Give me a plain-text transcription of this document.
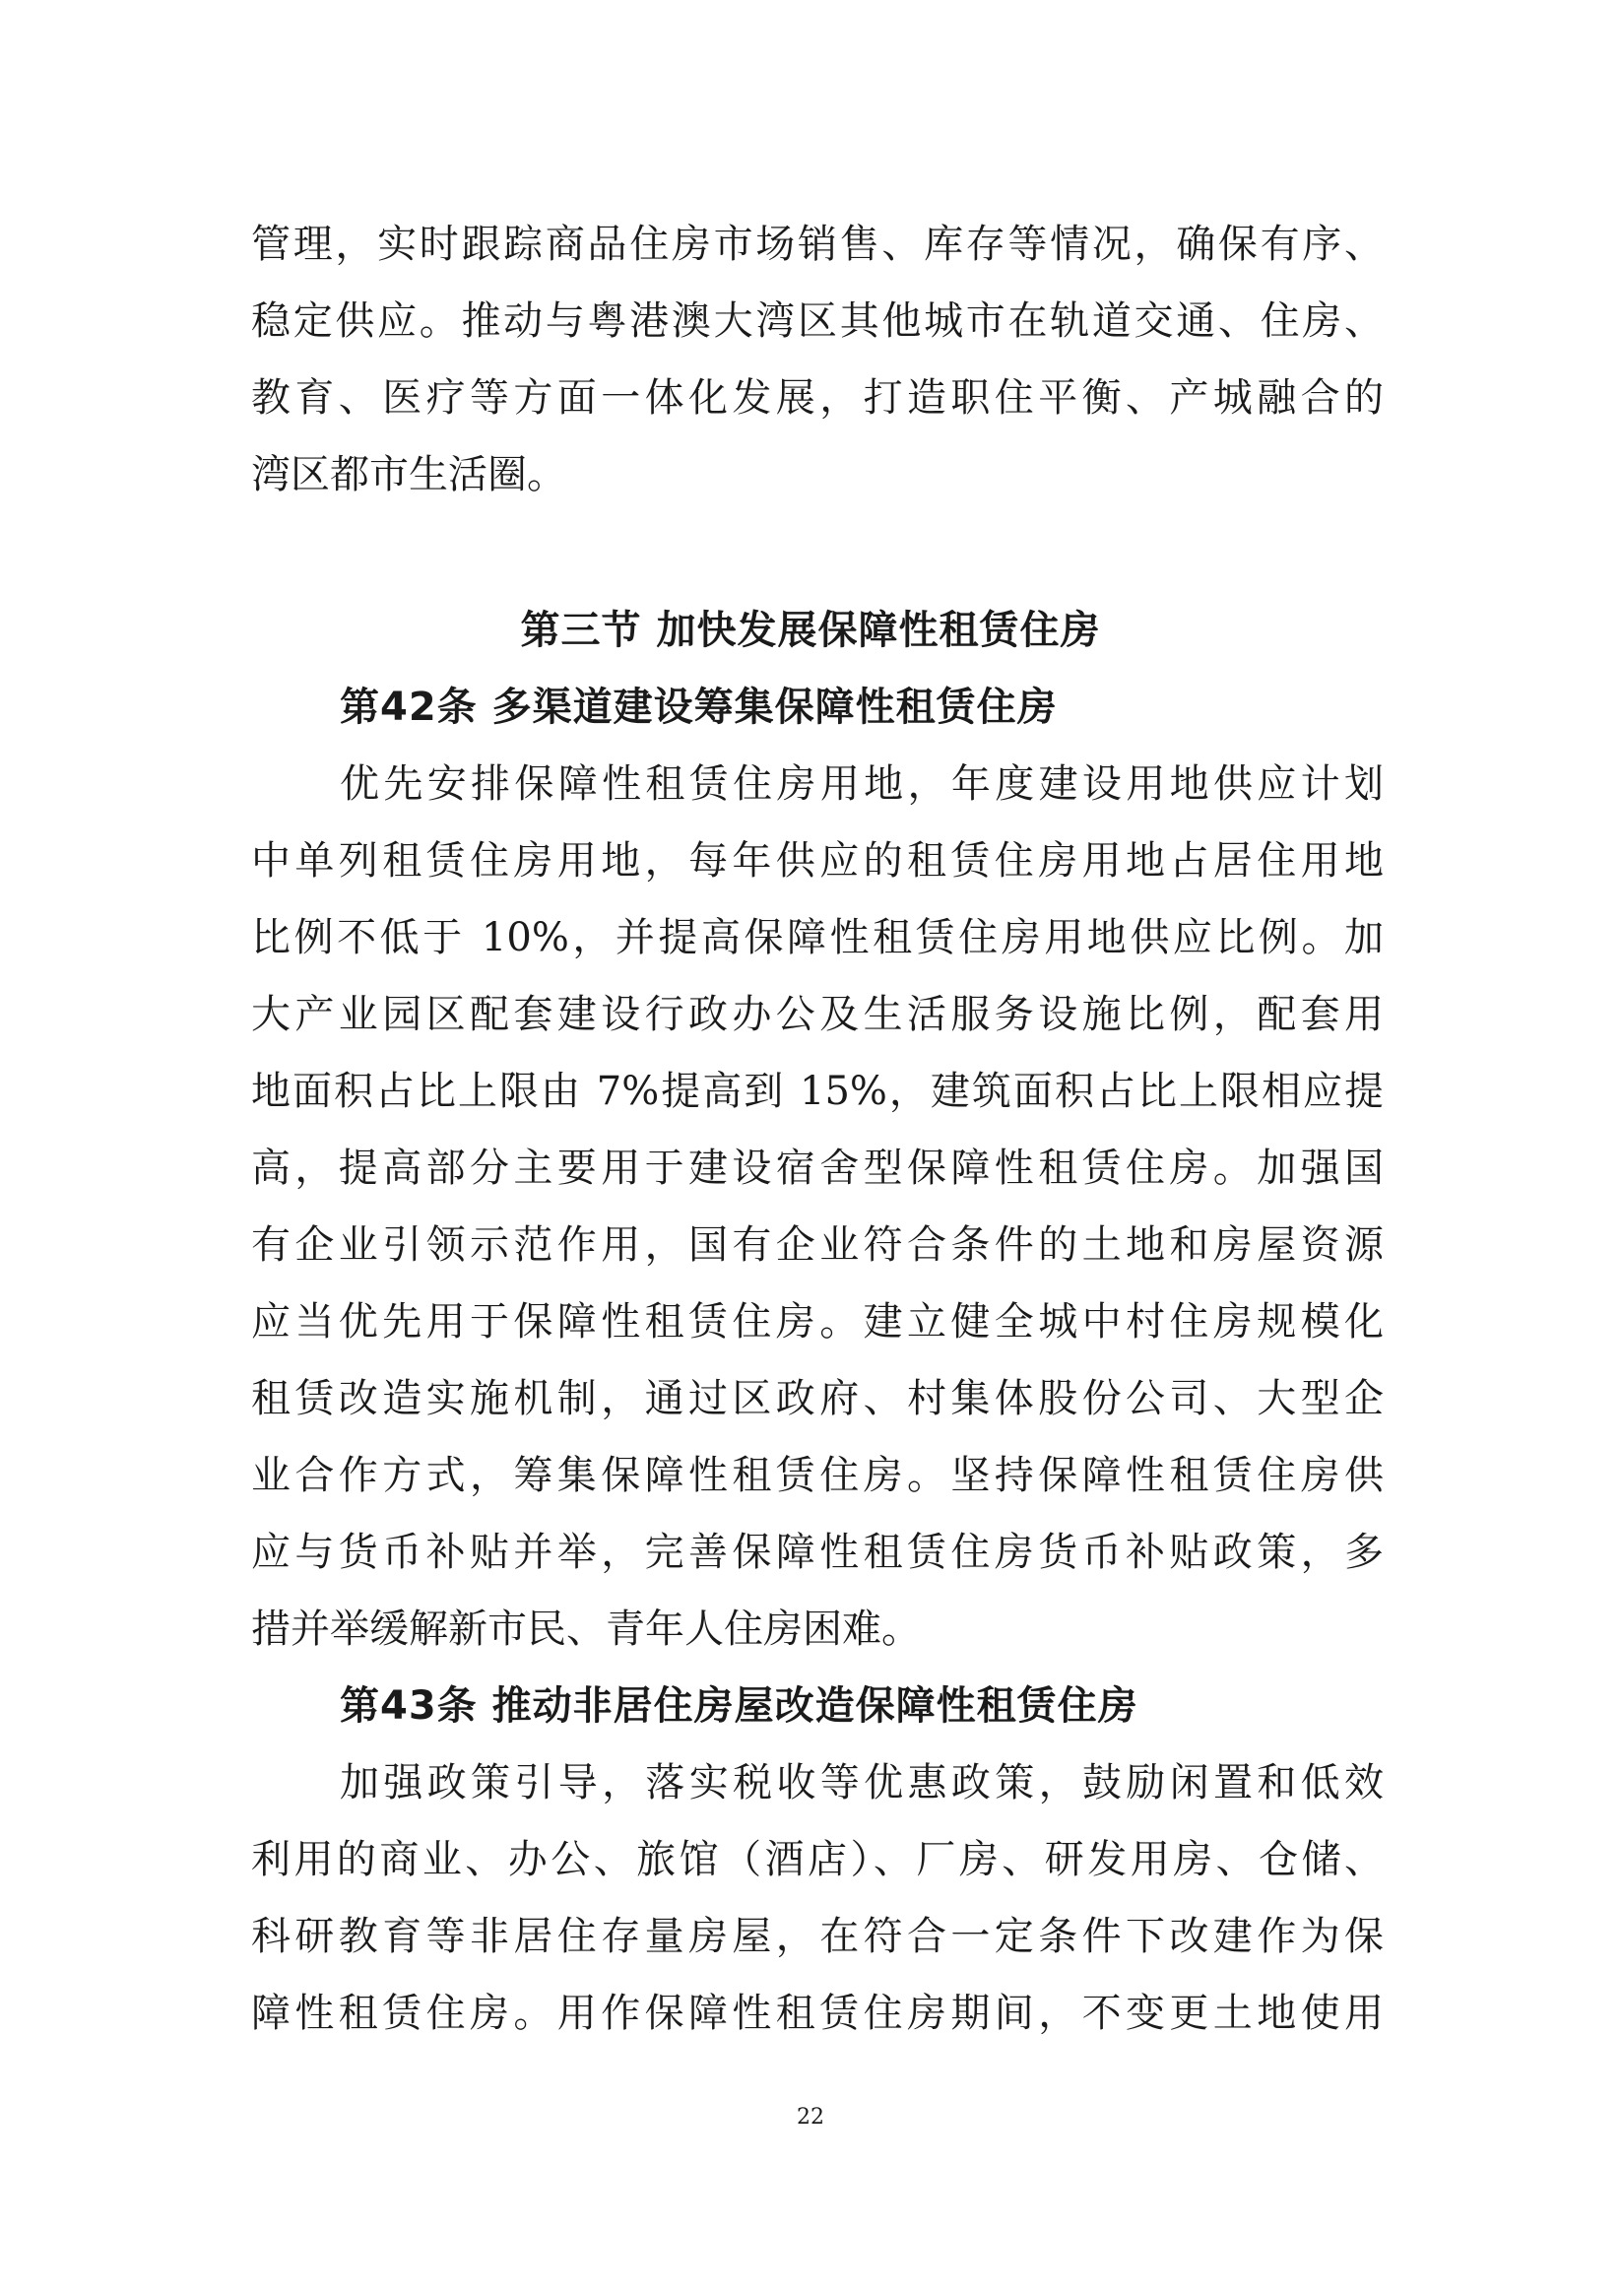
管理，实时跟踪商品住房市场销售、库存等情况，确保有序、
稳定供应。推动与粤港澳大湾区其他城市在轨道交通、住房、
教育、医疗等方面一体化发展，打造职住平衡、产城融合的
湾区都市生活圈。
第三节 加快发展保障性租赁住房
第42条 多渠道建设筹集保障性租赁住房
优先安排保障性租赁住房用地，年度建设用地供应计划
中单列租赁住房用地，每年供应的租赁住房用地占居住用地
比例不低于 10%，并提高保障性租赁住房用地供应比例。加
大产业园区配套建设行政办公及生活服务设施比例，配套用
地面积占比上限由 7%提高到 15%，建筑面积占比上限相应提
高，提高部分主要用于建设宿舍型保障性租赁住房。加强国
有企业引领示范作用，国有企业符合条件的土地和房屋资源
应当优先用于保障性租赁住房。建立健全城中村住房规模化
租赁改造实施机制，通过区政府、村集体股份公司、大型企
业合作方式，筹集保障性租赁住房。坚持保障性租赁住房供
应与货币补贴并举，完善保障性租赁住房货币补贴政策，多
措并举缓解新市民、青年人住房困难。
第43条 推动非居住房屋改造保障性租赁住房
加强政策引导，落实税收等优惠政策，鼓励闲置和低效
利用的商业、办公、旅馆（酒店）、厂房、研发用房、仓储、
科研教育等非居住存量房屋，在符合一定条件下改建作为保
障性租赁住房。用作保障性租赁住房期间，不变更土地使用
22
